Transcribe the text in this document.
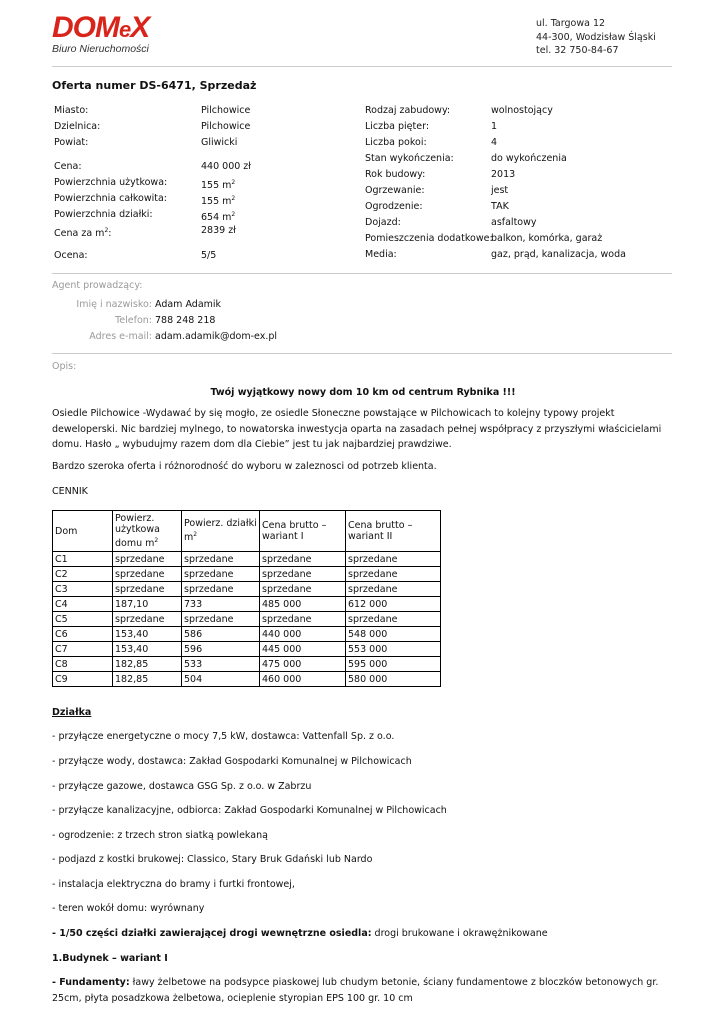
DOMeX
Biuro Nieruchomości
ul. Targowa 12
44-300, Wodzisław Śląski
tel. 32 750-84-67
Oferta numer DS-6471, Sprzedaż
Miasto:	Pilchowice
Dzielnica:	Pilchowice
Powiat:	Gliwicki
Cena:	440 000 zł
Powierzchnia użytkowa:	155 $m^2$
Powierzchnia całkowita:	155 $m^2$
Powierzchnia działki:	654 $m^2$
Cena za $m^2$:	2839 zł
Ocena:	5/5
Rodzaj zabudowy:	wolnostojący
Liczba pięter:	1
Liczba pokoi:	4
Stan wykończenia:	do wykończenia
Rok budowy:	2013
Ogrzewanie:	jest
Ogrodzenie:	TAK
Dojazd:	asfaltowy
Pomieszczenia dodatkowe:
balkon, komórka, garaż
Media:	gaz, prąd, kanalizacja, woda
Agent prowadzący:
Imię i nazwisko: Adam Adamik
Telefon: 788 248 218
Adres e-mail: adam.adamik@dom-ex.pl
Opis:
Twój wyjątkowy nowy dom 10 km od centrum Rybnika !!!
Osiedle Pilchowice -Wydawać by się mogło, ze osiedle Słoneczne powstające w Pilchowicach to kolejny typowy projekt deweloperski. Nic bardziej mylnego, to nowatorska inwestycja oparta na zasadach pełnej współpracy z przyszłymi właścicielami domu. Hasło „ wybudujmy razem dom dla Ciebie” jest tu jak najbardziej prawdziwe.
Bardzo szeroka oferta i różnorodność do wyboru w zaleznosci od potrzeb klienta.
CENNIK
Dom	Powierz. użytkowa domu $m^2$	Powierz. działki $m^2$	Cena brutto – wariant I	Cena brutto – wariant II
C1	sprzedane	sprzedane	sprzedane	sprzedane
C2	sprzedane	sprzedane	sprzedane	sprzedane
C3	sprzedane	sprzedane	sprzedane	sprzedane
C4	187,10	733	485 000	612 000
C5	sprzedane	sprzedane	sprzedane	sprzedane
C6	153,40	586	440 000	548 000
C7	153,40	596	445 000	553 000
C8	182,85	533	475 000	595 000
C9	182,85	504	460 000	580 000
Działka
- przyłącze energetyczne o mocy 7,5 kW, dostawca: Vattenfall Sp. z o.o.
- przyłącze wody, dostawca: Zakład Gospodarki Komunalnej w Pilchowicach
- przyłącze gazowe, dostawca GSG Sp. z o.o. w Zabrzu
- przyłącze kanalizacyjne, odbiorca: Zakład Gospodarki Komunalnej w Pilchowicach
- ogrodzenie: z trzech stron siatką powlekaną
- podjazd z kostki brukowej: Classico, Stary Bruk Gdański lub Nardo
- instalacja elektryczna do bramy i furtki frontowej,
- teren wokół domu: wyrównany
- 1/50 części działki zawierającej drogi wewnętrzne osiedla: drogi brukowane i okrawężnikowane
1.Budynek – wariant I
- Fundamenty: ławy żelbetowe na podsypce piaskowej lub chudym betonie, ściany fundamentowe z bloczków betonowych gr. 25cm, płyta posadzkowa żelbetowa, ocieplenie styropian EPS 100 gr. 10 cm
